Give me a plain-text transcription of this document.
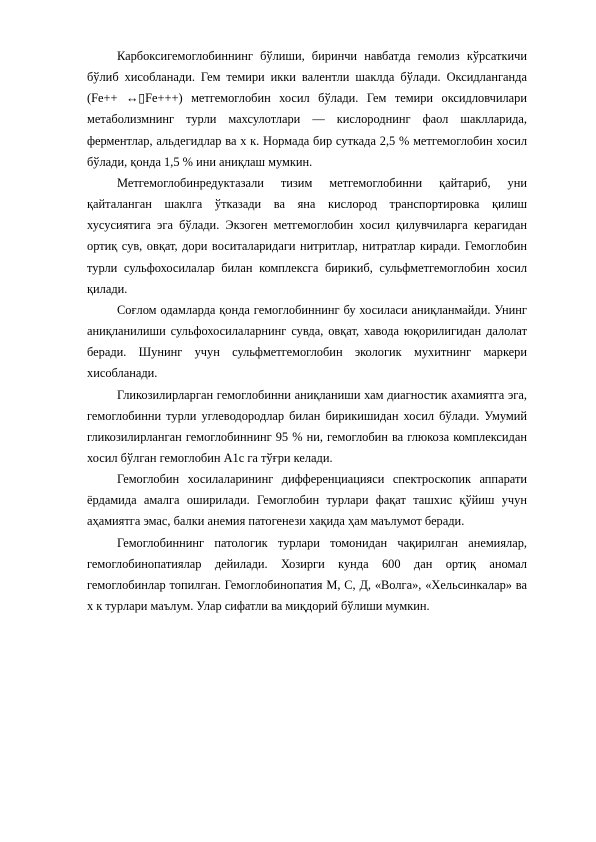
Карбоксигемоглобиннинг бўлиши, биринчи навбатда гемолиз кўрсаткичи бўлиб хисобланади. Гем темири икки валентли шаклда бўлади. Оксидланганда (Fe++ ↔▯Fe+++) метгемоглобин хосил бўлади. Гем темири оксидловчилари метаболизмнинг турли махсулотлари — кислороднинг фаол шаклларида, ферментлар, альдегидлар ва х к. Нормада бир суткада 2,5 % метгемоглобин хосил бўлади, қонда 1,5 % ини аниқлаш мумкин.

Метгемоглобинредуктазали тизим метгемоглобинни қайтариб, уни қайталанган шаклга ўтказади ва яна кислород транспортировка қилиш хусусиятига эга бўлади. Экзоген метгемоглобин хосил қилувчиларга керагидан ортиқ сув, овқат, дори воситаларидаги нитритлар, нитратлар киради. Гемоглобин турли сульфохосилалар билан комплексга бирикиб, сульфметгемоглобин хосил қилади.

Соғлом одамларда қонда гемоглобиннинг бу хосиласи аниқланмайди. Унинг аниқланилиши сульфохосилаларнинг сувда, овқат, хавода юқорилигидан далолат беради. Шунинг учун сульфметгемоглобин экологик мухитнинг маркери хисобланади.

Гликозилирларган гемоглобинни аниқланиши хам диагностик ахамиятга эга, гемоглобинни турли углеводородлар билан бирикишидан хосил бўлади. Умумий гликозилирланган гемоглобиннинг 95 % ни, гемоглобин ва глюкоза комплексидан хосил бўлган гемоглобин А1с га тўғри келади.

Гемоглобин хосилаларининг дифференциацияси спектроскопик аппарати ёрдамида амалга оширилади. Гемоглобин турлари фақат ташхис қўйиш учун аҳамиятга эмас, балки анемия патогенези хақида ҳам маълумот беради.

Гемоглобиннинг патологик турлари томонидан чақирилган анемиялар, гемоглобинопатиялар дейилади. Хозирги кунда 600 дан ортиқ аномал гемоглобинлар топилган. Гемоглобинопатия М, С, Д, «Волга», «Хельсинкалар» ва х к турлари маълум. Улар сифатли ва миқдорий бўлиши мумкин.
